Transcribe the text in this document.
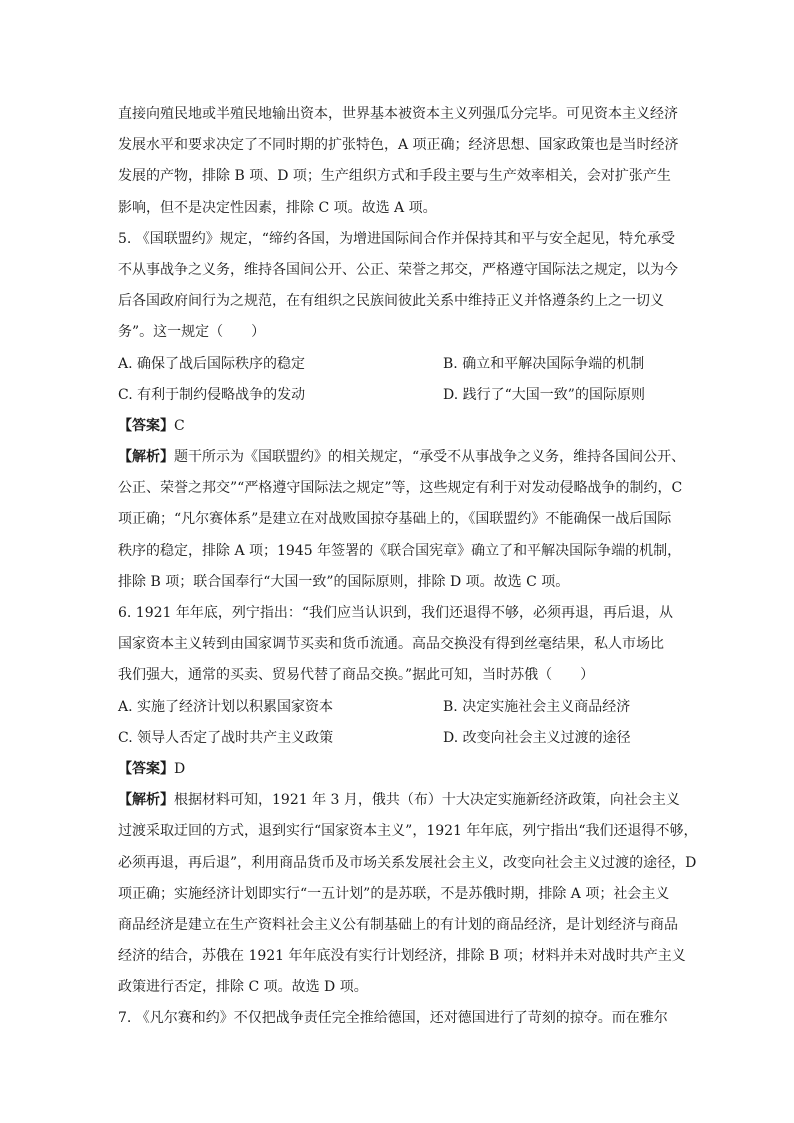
直接向殖民地或半殖民地输出资本，世界基本被资本主义列强瓜分完毕。可见资本主义经济
发展水平和要求决定了不同时期的扩张特色，A 项正确；经济思想、国家政策也是当时经济
发展的产物，排除 B 项、D 项；生产组织方式和手段主要与生产效率相关，会对扩张产生
影响，但不是决定性因素，排除 C 项。故选 A 项。
5. 《国联盟约》规定，“缔约各国，为增进国际间合作并保持其和平与安全起见，特允承受
不从事战争之义务，维持各国间公开、公正、荣誉之邦交，严格遵守国际法之规定，以为今
后各国政府间行为之规范，在有组织之民族间彼此关系中维持正义并恪遵条约上之一切义
务”。这一规定（　　）
A. 确保了战后国际秩序的稳定	B. 确立和平解决国际争端的机制
C. 有利于制约侵略战争的发动	D. 践行了“大国一致”的国际原则
【答案】C
【解析】题干所示为《国联盟约》的相关规定，“承受不从事战争之义务，维持各国间公开、
公正、荣誉之邦交”“严格遵守国际法之规定”等，这些规定有利于对发动侵略战争的制约，C
项正确；“凡尔赛体系”是建立在对战败国掠夺基础上的，《国联盟约》不能确保一战后国际
秩序的稳定，排除 A 项；1945 年签署的《联合国宪章》确立了和平解决国际争端的机制，
排除 B 项；联合国奉行“大国一致”的国际原则，排除 D 项。故选 C 项。
6. 1921 年年底，列宁指出：“我们应当认识到，我们还退得不够，必须再退，再后退，从
国家资本主义转到由国家调节买卖和货币流通。高品交换没有得到丝毫结果，私人市场比
我们强大，通常的买卖、贸易代替了商品交换。”据此可知，当时苏俄（　　）
A. 实施了经济计划以积累国家资本	B. 决定实施社会主义商品经济
C. 领导人否定了战时共产主义政策	D. 改变向社会主义过渡的途径
【答案】D
【解析】根据材料可知，1921 年 3 月，俄共（布）十大决定实施新经济政策，向社会主义
过渡采取迂回的方式，退到实行“国家资本主义”，1921 年年底，列宁指出“我们还退得不够，
必须再退，再后退”，利用商品货币及市场关系发展社会主义，改变向社会主义过渡的途径，D
项正确；实施经济计划即实行“一五计划”的是苏联，不是苏俄时期，排除 A 项；社会主义
商品经济是建立在生产资料社会主义公有制基础上的有计划的商品经济，是计划经济与商品
经济的结合，苏俄在 1921 年年底没有实行计划经济，排除 B 项；材料并未对战时共产主义
政策进行否定，排除 C 项。故选 D 项。
7. 《凡尔赛和约》不仅把战争责任完全推给德国，还对德国进行了苛刻的掠夺。而在雅尔
